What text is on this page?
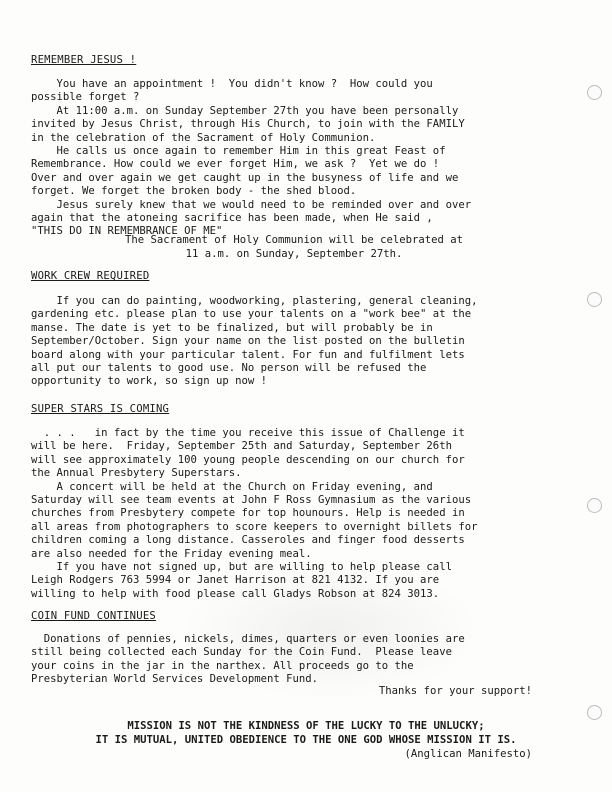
REMEMBER JESUS !
You have an appointment !  You didn't know ?  How could you
possible forget ?
At 11:00 a.m. on Sunday September 27th you have been personally
invited by Jesus Christ, through His Church, to join with the FAMILY
in the celebration of the Sacrament of Holy Communion.
He calls us once again to remember Him in this great Feast of
Remembrance. How could we ever forget Him, we ask ?  Yet we do !
Over and over again we get caught up in the busyness of life and we
forget. We forget the broken body - the shed blood.
Jesus surely knew that we would need to be reminded over and over
again that the atoneing sacrifice has been made, when He said ,
"THIS DO IN REMEMBRANCE OF ME"
The Sacrament of Holy Communion will be celebrated at
11 a.m. on Sunday, September 27th.
WORK CREW REQUIRED
If you can do painting, woodworking, plastering, general cleaning,
gardening etc. please plan to use your talents on a "work bee" at the
manse. The date is yet to be finalized, but will probably be in
September/October. Sign your name on the list posted on the bulletin
board along with your particular talent. For fun and fulfilment lets
all put our talents to good use. No person will be refused the
opportunity to work, so sign up now !
SUPER STARS IS COMING
. . .   in fact by the time you receive this issue of Challenge it
will be here.  Friday, September 25th and Saturday, September 26th
will see approximately 100 young people descending on our church for
the Annual Presbytery Superstars.
A concert will be held at the Church on Friday evening, and
Saturday will see team events at John F Ross Gymnasium as the various
churches from Presbytery compete for top hounours. Help is needed in
all areas from photographers to score keepers to overnight billets for
children coming a long distance. Casseroles and finger food desserts
are also needed for the Friday evening meal.
If you have not signed up, but are willing to help please call
Leigh Rodgers 763 5994 or Janet Harrison at 821 4132. If you are
willing to help with food please call Gladys Robson at 824 3013.
COIN FUND CONTINUES
Donations of pennies, nickels, dimes, quarters or even loonies are
still being collected each Sunday for the Coin Fund.  Please leave
your coins in the jar in the narthex. All proceeds go to the
Presbyterian World Services Development Fund.
Thanks for your support!
MISSION IS NOT THE KINDNESS OF THE LUCKY TO THE UNLUCKY;
IT IS MUTUAL, UNITED OBEDIENCE TO THE ONE GOD WHOSE MISSION IT IS.
(Anglican Manifesto)
